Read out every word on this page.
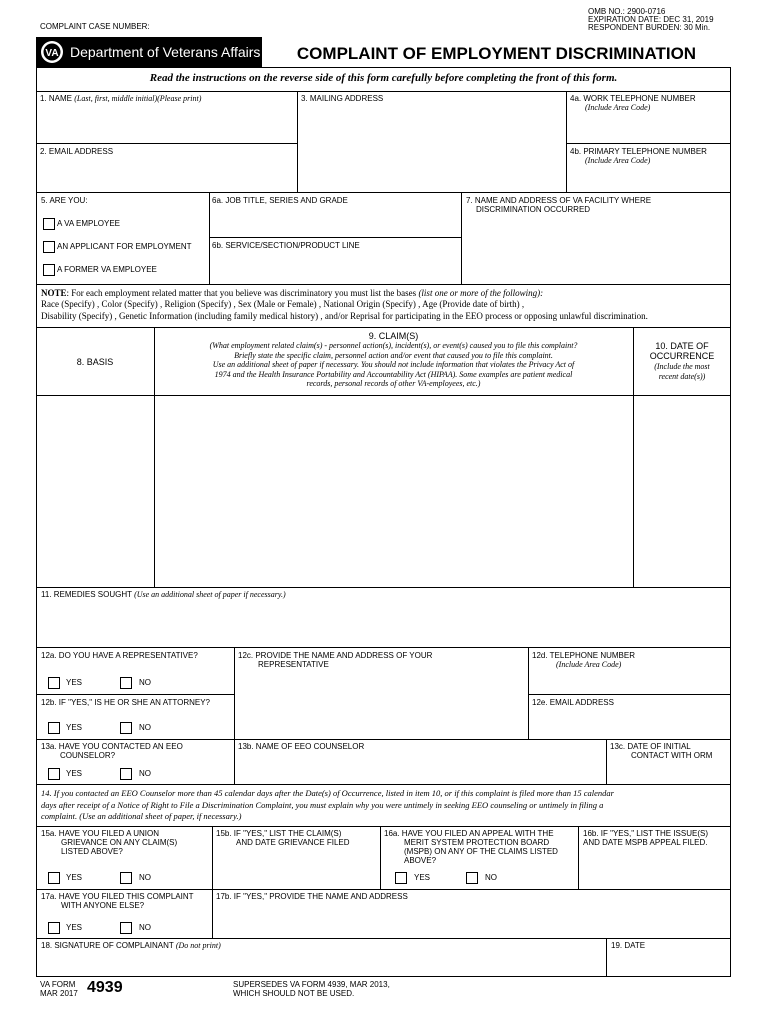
COMPLAINT CASE NUMBER:
OMB NO.: 2900-0716
EXPIRATION DATE: DEC 31, 2019
RESPONDENT BURDEN: 30 Min.
VA Department of Veterans Affairs	COMPLAINT OF EMPLOYMENT DISCRIMINATION
Read the instructions on the reverse side of this form carefully before completing the front of this form.
1. NAME (Last, first, middle initial)(Please print)
2. EMAIL ADDRESS
3. MAILING ADDRESS	4a. WORK TELEPHONE NUMBER
(Include Area Code)
4b. PRIMARY TELEPHONE NUMBER
(Include Area Code)
5. ARE YOU:
A VA EMPLOYEE
AN APPLICANT FOR EMPLOYMENT
A FORMER VA EMPLOYEE
6a. JOB TITLE, SERIES AND GRADE
6b. SERVICE/SECTION/PRODUCT LINE
7. NAME AND ADDRESS OF VA FACILITY WHERE
DISCRIMINATION OCCURRED
NOTE: For each employment related matter that you believe was discriminatory you must list the bases (list one or more of the following):
Race (Specify) , Color (Specify) , Religion (Specify) , Sex (Male or Female) , National Origin (Specify) , Age (Provide date of birth) ,
Disability (Specify) , Genetic Information (including family medical history) , and/or Reprisal for participating in the EEO process or opposing unlawful discrimination.
8. BASIS
9. CLAIM(S)
(What employment related claim(s) - personnel action(s), incident(s), or event(s) caused you to file this complaint?
Briefly state the specific claim, personnel action and/or event that caused you to file this complaint.
Use an additional sheet of paper if necessary. You should not include information that violates the Privacy Act of
1974 and the Health Insurance Portability and Accountability Act (HIPAA). Some examples are patient medical
records, personal records of other VA-employees, etc.)
10. DATE OF
OCCURRENCE
(Include the most
recent date(s))
11. REMEDIES SOUGHT (Use an additional sheet of paper if necessary.)
12a. DO YOU HAVE A REPRESENTATIVE?
YES	NO
12b. IF "YES," IS HE OR SHE AN ATTORNEY?
YES	NO
12c. PROVIDE THE NAME AND ADDRESS OF YOUR
REPRESENTATIVE
12d. TELEPHONE NUMBER
(Include Area Code)
12e. EMAIL ADDRESS
13a. HAVE YOU CONTACTED AN EEO
COUNSELOR?
YES	NO
13b. NAME OF EEO COUNSELOR	13c. DATE OF INITIAL
CONTACT WITH ORM
14. If you contacted an EEO Counselor more than 45 calendar days after the Date(s) of Occurrence, listed in item 10, or if this complaint is filed more than 15 calendar
days after receipt of a Notice of Right to File a Discrimination Complaint, you must explain why you were untimely in seeking EEO counseling or untimely in filing a
complaint. (Use an additional sheet of paper, if necessary.)
15a. HAVE YOU FILED A UNION
GRIEVANCE ON ANY CLAIM(S)
LISTED ABOVE?
YES	NO
15b. IF "YES," LIST THE CLAIM(S)
AND DATE GRIEVANCE FILED
16a. HAVE YOU FILED AN APPEAL WITH THE
MERIT SYSTEM PROTECTION BOARD
(MSPB) ON ANY OF THE CLAIMS LISTED
ABOVE?
YES	NO
16b. IF "YES," LIST THE ISSUE(S)
AND DATE MSPB APPEAL FILED.
17a. HAVE YOU FILED THIS COMPLAINT
WITH ANYONE ELSE?
YES	NO
17b. IF "YES," PROVIDE THE NAME AND ADDRESS
18. SIGNATURE OF COMPLAINANT (Do not print)	19. DATE
VA FORM
MAR 2017 4939	SUPERSEDES VA FORM 4939, MAR 2013,
WHICH SHOULD NOT BE USED.
